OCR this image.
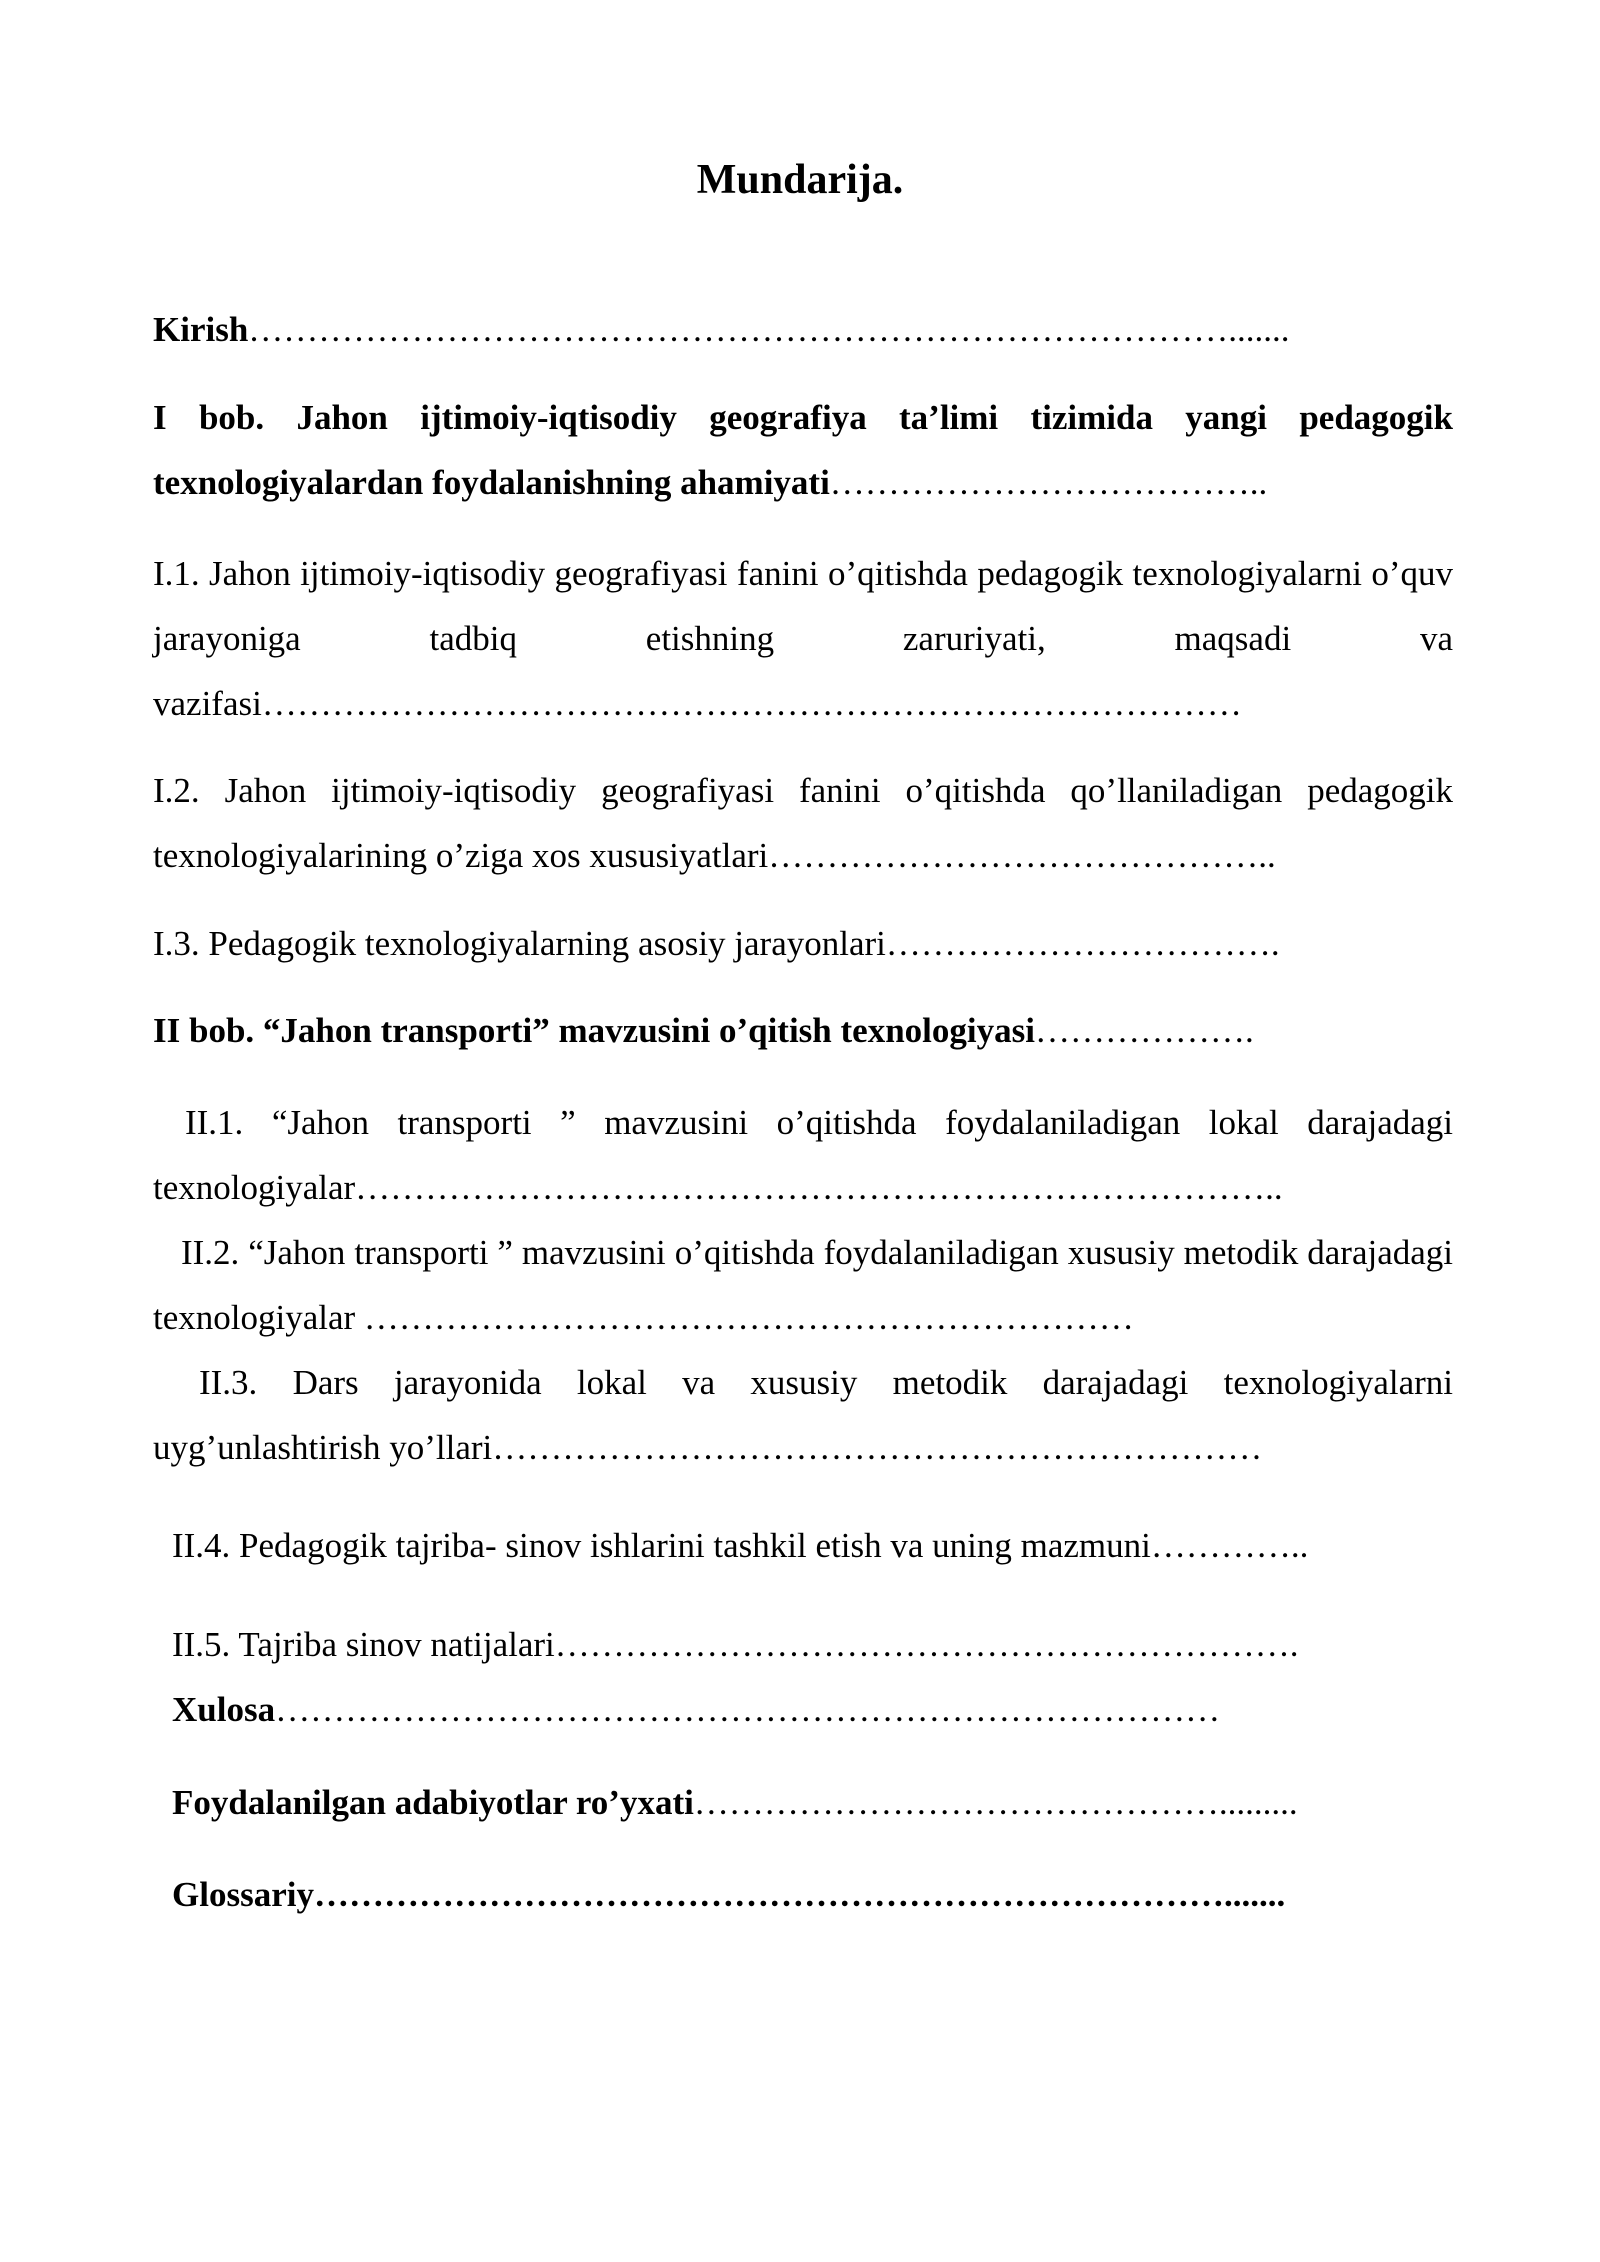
Mundarija.
Kirish………………………………………………………………………….......
I bob. Jahon ijtimoiy-iqtisodiy geografiya ta’limi tizimida yangi pedagogik texnologiyalardan foydalanishning ahamiyati………………………………..
I.1. Jahon ijtimoiy-iqtisodiy geografiyasi fanini o’qitishda pedagogik texnologiyalarni o’quv jarayoniga tadbiq etishning zaruriyati, maqsadi va vazifasi…………………………………………………………………………
I.2. Jahon ijtimoiy-iqtisodiy geografiyasi fanini o’qitishda qo’llaniladigan pedagogik texnologiyalarining o’ziga xos xususiyatlari……………………………………..
I.3. Pedagogik texnologiyalarning asosiy jarayonlari…………………………….
II bob. “Jahon transporti” mavzusini o’qitish texnologiyasi……………….
II.1. “Jahon transporti ” mavzusini o’qitishda foydalaniladigan lokal darajadagi texnologiyalar……………………………………………………………………..
II.2. “Jahon transporti ” mavzusini o’qitishda foydalaniladigan xususiy metodik darajadagi texnologiyalar …………………………………………………………
II.3. Dars jarayonida lokal va xususiy metodik darajadagi texnologiyalarni uyg’unlashtirish yo’llari…………………………………………………………
II.4. Pedagogik tajriba- sinov ishlarini tashkil etish va uning mazmuni…………..
II.5. Tajriba sinov natijalari……………………………………………………….
Xulosa………………………………………………………………………
Foydalanilgan adabiyotlar ro’yxati……………………………………….........
Glossariy…………………………………………………………………….......
